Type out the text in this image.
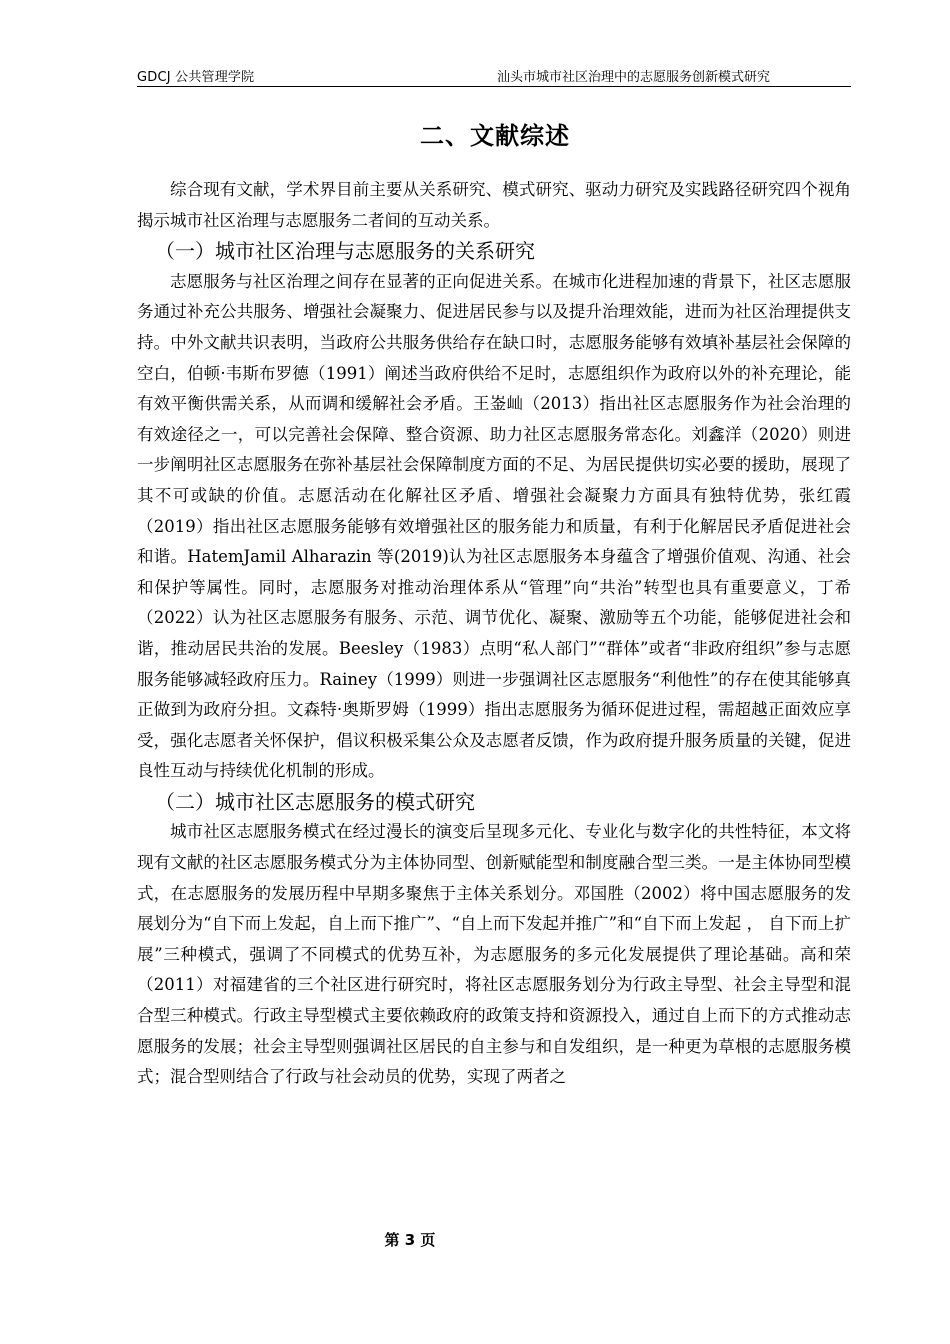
GDCJ 公共管理学院	汕头市城市社区治理中的志愿服务创新模式研究
二、文献综述

综合现有文献，学术界目前主要从关系研究、模式研究、驱动力研究及实践路径研究四个视角揭示城市社区治理与志愿服务二者间的互动关系。

（一）城市社区治理与志愿服务的关系研究

志愿服务与社区治理之间存在显著的正向促进关系。在城市化进程加速的背景下，社区志愿服务通过补充公共服务、增强社会凝聚力、促进居民参与以及提升治理效能，进而为社区治理提供支持。中外文献共识表明，当政府公共服务供给存在缺口时，志愿服务能够有效填补基层社会保障的空白，伯顿·韦斯布罗德（1991）阐述当政府供给不足时，志愿组织作为政府以外的补充理论，能有效平衡供需关系，从而调和缓解社会矛盾。王崟屾（2013）指出社区志愿服务作为社会治理的有效途径之一，可以完善社会保障、整合资源、助力社区志愿服务常态化。刘鑫洋（2020）则进一步阐明社区志愿服务在弥补基层社会保障制度方面的不足、为居民提供切实必要的援助，展现了其不可或缺的价值。志愿活动在化解社区矛盾、增强社会凝聚力方面具有独特优势，张红霞（2019）指出社区志愿服务能够有效增强社区的服务能力和质量，有利于化解居民矛盾促进社会和谐。HatemJamil Alharazin 等(2019)认为社区志愿服务本身蕴含了增强价值观、沟通、社会和保护等属性。同时，志愿服务对推动治理体系从“管理”向“共治”转型也具有重要意义，丁希（2022）认为社区志愿服务有服务、示范、调节优化、凝聚、激励等五个功能，能够促进社会和谐，推动居民共治的发展。Beesley（1983）点明“私人部门”“群体”或者“非政府组织”参与志愿服务能够减轻政府压力。Rainey（1999）则进一步强调社区志愿服务“利他性”的存在使其能够真正做到为政府分担。文森特·奥斯罗姆（1999）指出志愿服务为循环促进过程，需超越正面效应享受，强化志愿者关怀保护，倡议积极采集公众及志愿者反馈，作为政府提升服务质量的关键，促进良性互动与持续优化机制的形成。

（二）城市社区志愿服务的模式研究

城市社区志愿服务模式在经过漫长的演变后呈现多元化、专业化与数字化的共性特征，本文将现有文献的社区志愿服务模式分为主体协同型、创新赋能型和制度融合型三类。一是主体协同型模式，在志愿服务的发展历程中早期多聚焦于主体关系划分。邓国胜（2002）将中国志愿服务的发展划分为“自下而上发起，自上而下推广”、“自上而下发起并推广”和“自下而上发起 ， 自下而上扩展”三种模式，强调了不同模式的优势互补，为志愿服务的多元化发展提供了理论基础。高和荣（2011）对福建省的三个社区进行研究时，将社区志愿服务划分为行政主导型、社会主导型和混合型三种模式。行政主导型模式主要依赖政府的政策支持和资源投入，通过自上而下的方式推动志愿服务的发展；社会主导型则强调社区居民的自主参与和自发组织，是一种更为草根的志愿服务模式；混合型则结合了行政与社会动员的优势，实现了两者之

第 3 页
